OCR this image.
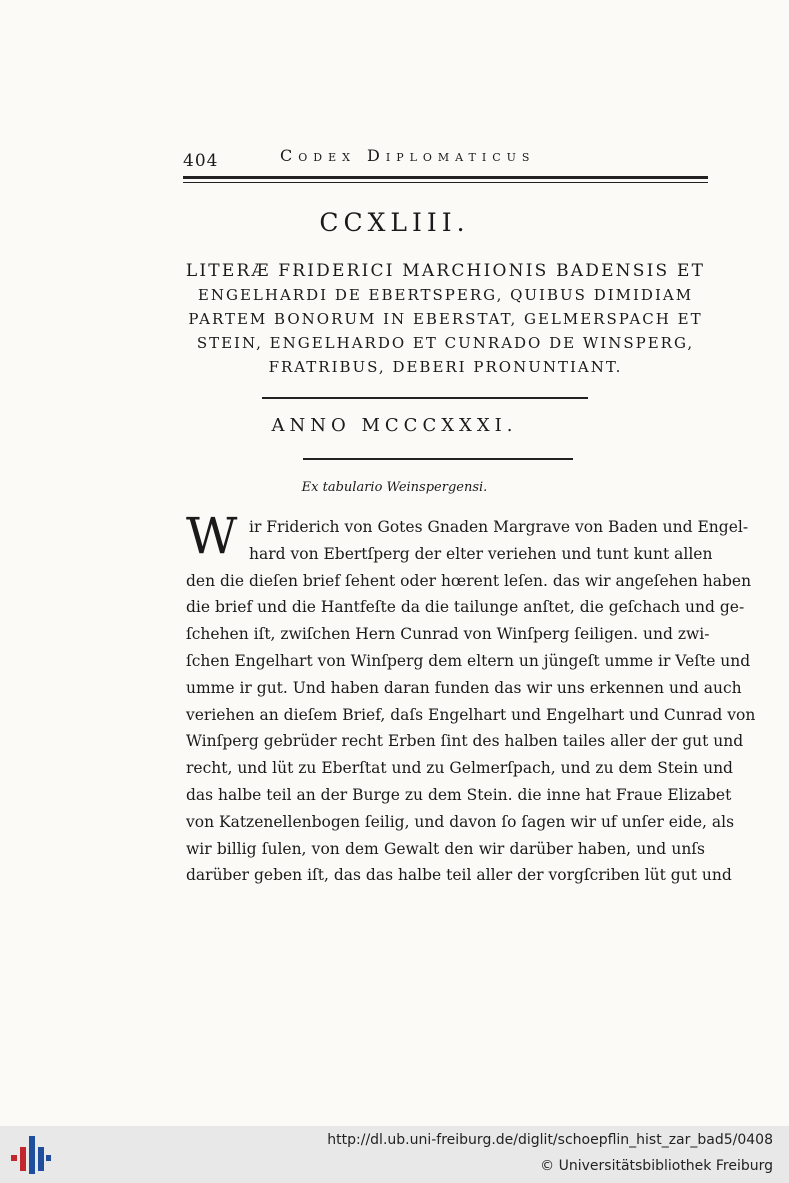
404	Codex Diplomaticus
CCXLIII.
LITERÆ FRIDERICI MARCHIONIS BADENSIS ET
ENGELHARDI DE EBERTSPERG, QUIBUS DIMIDIAM
PARTEM BONORUM IN EBERSTAT, GELMERSPACH ET
STEIN, ENGELHARDO ET CUNRADO DE WINSPERG,
FRATRIBUS, DEBERI PRONUNTIANT.
ANNO MCCCXXXI.
Ex tabulario Weinspergensi.
W ir Friderich von Gotes Gnaden Margrave von Baden und Engel-
hard von Ebertſperg der elter veriehen und tunt kunt allen
den die dieſen brief ſehent oder hœrent leſen. das wir angeſehen haben
die brief und die Hantfeſte da die tailunge anſtet, die geſchach und ge-
ſchehen iſt, zwiſchen Hern Cunrad von Winſperg ſeiligen. und zwi-
ſchen Engelhart von Winſperg dem eltern un jüngeſt umme ir Veſte und
umme ir gut. Und haben daran funden das wir uns erkennen und auch
veriehen an dieſem Brief, daſs Engelhart und Engelhart und Cunrad von
Winſperg gebrüder recht Erben ſint des halben tailes aller der gut und
recht, und lüt zu Eberſtat und zu Gelmerſpach, und zu dem Stein und
das halbe teil an der Burge zu dem Stein. die inne hat Fraue Elizabet
von Katzenellenbogen ſeilig, und davon ſo ſagen wir uf unſer eide, als
wir billig ſulen, von dem Gewalt den wir darüber haben, und unſs
darüber geben iſt, das das halbe teil aller der vorgſcriben lüt gut und
http://dl.ub.uni-freiburg.de/diglit/schoepflin_hist_zar_bad5/0408
© Universitätsbibliothek Freiburg
